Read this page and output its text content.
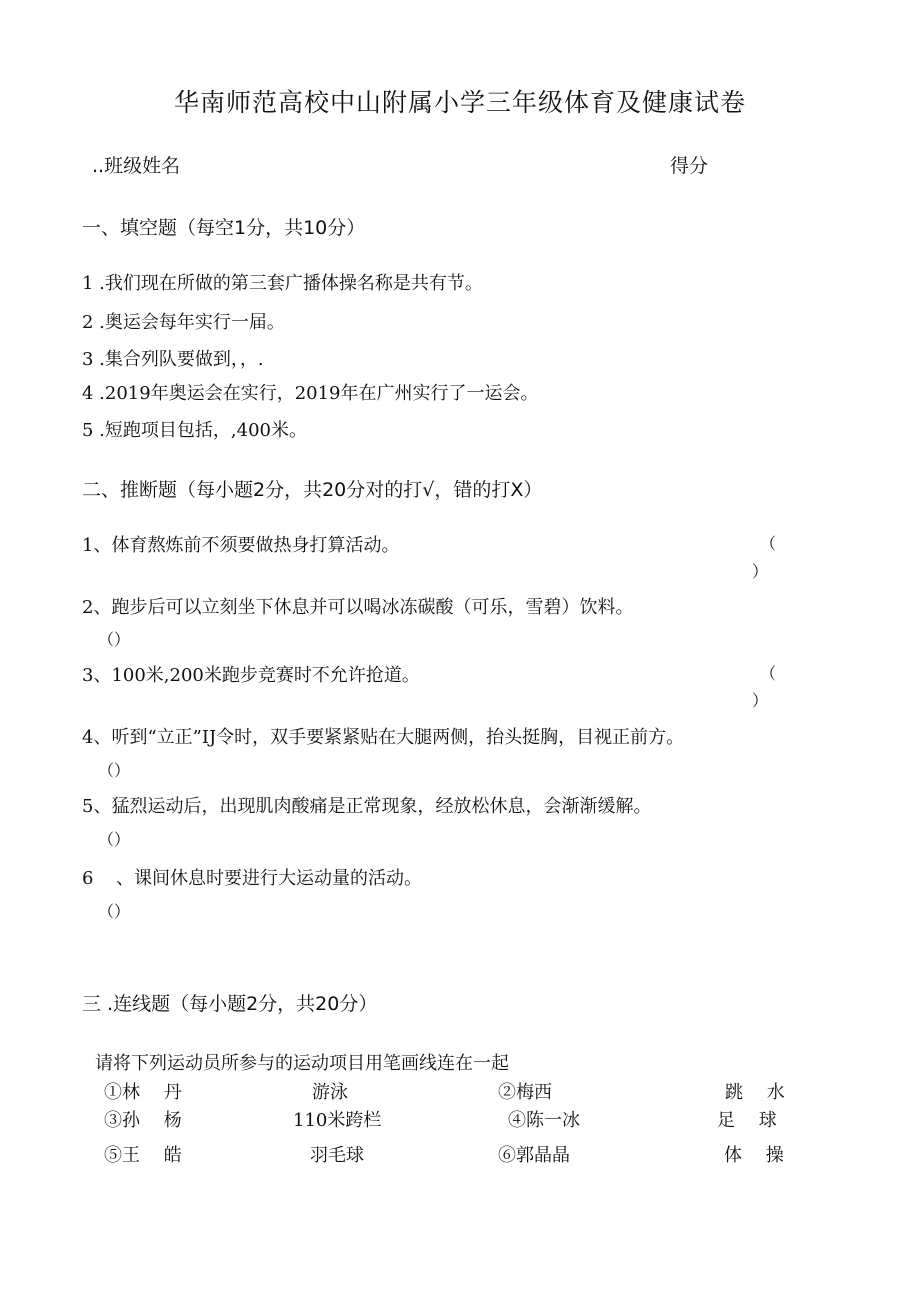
华南师范高校中山附属小学三年级体育及健康试卷
..班级姓名	得分
一、填空题（每空1分，共10分）
1 .我们现在所做的第三套广播体操名称是共有节。
2 .奥运会每年实行一届。
3 .集合列队要做到，，.
4 .2019年奥运会在实行，2019年在广州实行了一运会。
5 .短跑项目包括，,400米。
二、推断题（每小题2分，共20分对的打√，错的打X）
1、体育熬炼前不须要做热身打算活动。	（
）
2、跑步后可以立刻坐下休息并可以喝冰冻碳酸（可乐，雪碧）饮料。
（）
3、100米,200米跑步竞赛时不允许抢道。	（
）
4、听到“立正”IJ令时，双手要紧紧贴在大腿两侧，抬头挺胸，目视正前方。
（）
5、猛烈运动后，出现肌肉酸痛是正常现象，经放松休息，会渐渐缓解。
（）
6 、课间休息时要进行大运动量的活动。
（）
三 .连线题（每小题2分，共20分）
请将下列运动员所参与的运动项目用笔画线连在一起
①林　 丹	游泳	②梅西	跳　 水
③孙　 杨	110米跨栏	④陈一冰	足　 球
⑤王　 皓	羽毛球	⑥郭晶晶	体　 操
